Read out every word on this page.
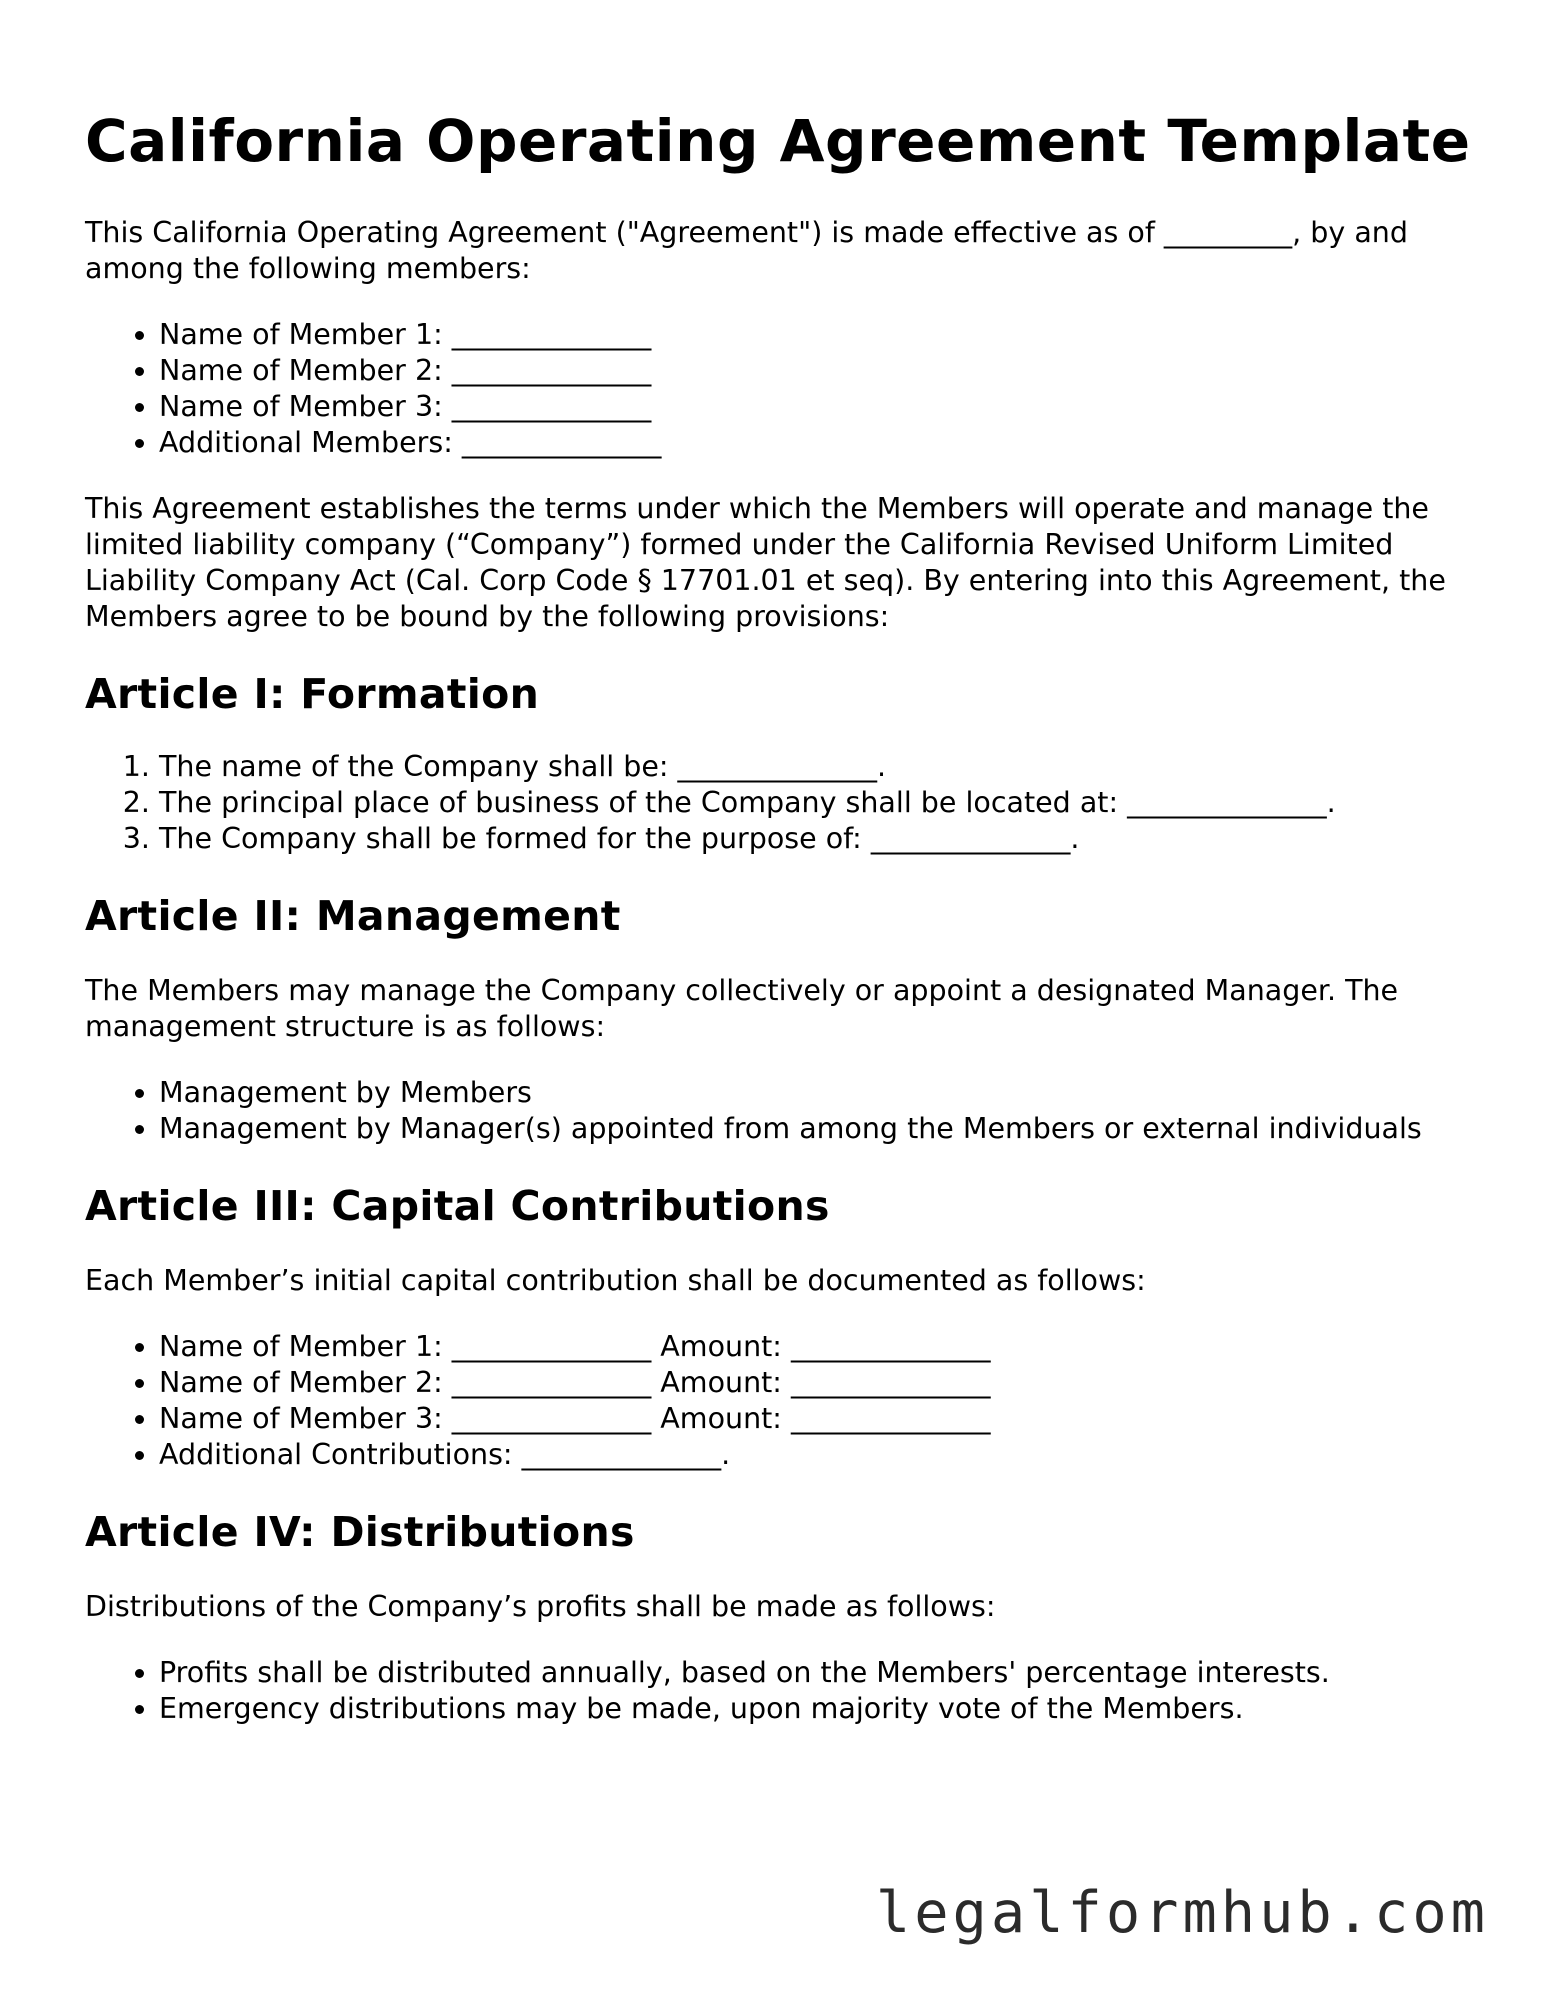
California Operating Agreement Template

This California Operating Agreement ("Agreement") is made effective as of _________, by and among the following members:

• Name of Member 1: ______________
• Name of Member 2: ______________
• Name of Member 3: ______________
• Additional Members: ______________

This Agreement establishes the terms under which the Members will operate and manage the limited liability company (“Company”) formed under the California Revised Uniform Limited Liability Company Act (Cal. Corp Code § 17701.01 et seq). By entering into this Agreement, the Members agree to be bound by the following provisions:

Article I: Formation
1. The name of the Company shall be: ______________.
2. The principal place of business of the Company shall be located at: ______________.
3. The Company shall be formed for the purpose of: ______________.
Article II: Management

The Members may manage the Company collectively or appoint a designated Manager. The management structure is as follows:

• Management by Members
• Management by Manager(s) appointed from among the Members or external individuals
Article III: Capital Contributions

Each Member’s initial capital contribution shall be documented as follows:

• Name of Member 1: ______________ Amount: ______________
• Name of Member 2: ______________ Amount: ______________
• Name of Member 3: ______________ Amount: ______________
• Additional Contributions: ______________.
Article IV: Distributions

Distributions of the Company’s profits shall be made as follows:

• Profits shall be distributed annually, based on the Members' percentage interests.
• Emergency distributions may be made, upon majority vote of the Members.
legalformhub.com
